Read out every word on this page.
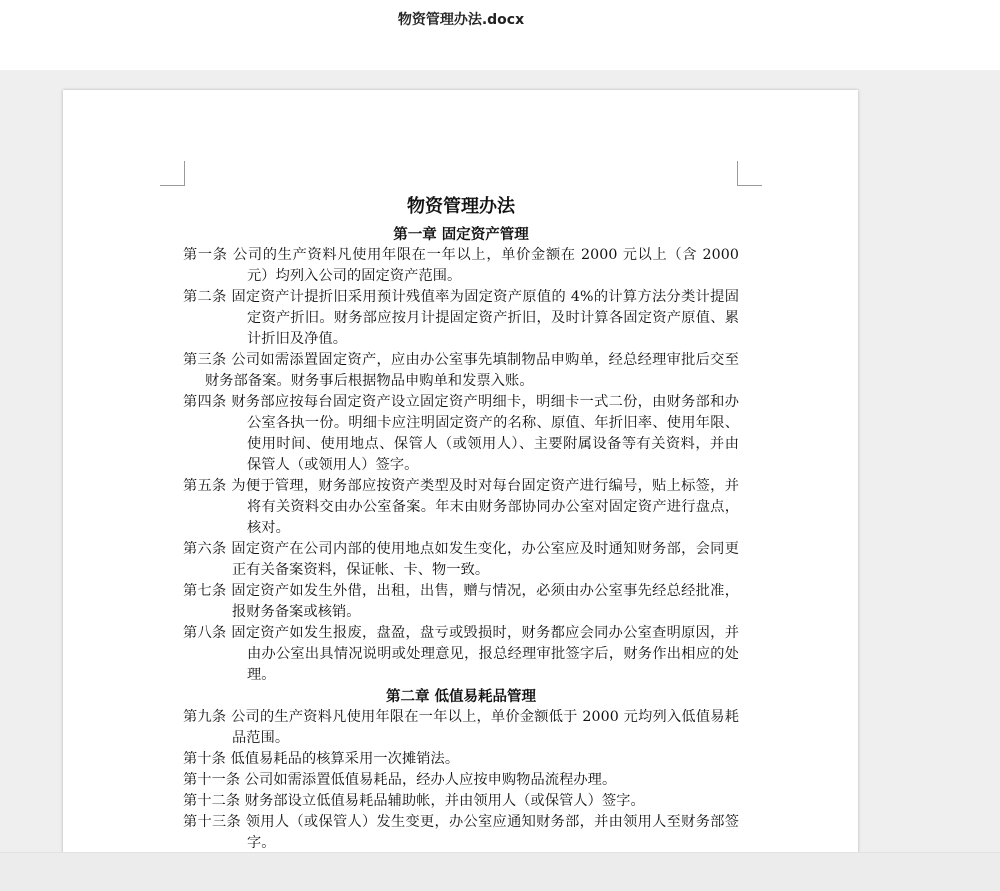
物资管理办法.docx
物资管理办法
第一章 固定资产管理
第一条 公司的生产资料凡使用年限在一年以上，单价金额在 2000 元以上（含 2000 元）均列入公司的固定资产范围。
第二条 固定资产计提折旧采用预计残值率为固定资产原值的 4%的计算方法分类计提固定资产折旧。财务部应按月计提固定资产折旧，及时计算各固定资产原值、累计折旧及净值。
第三条 公司如需添置固定资产，应由办公室事先填制物品申购单，经总经理审批后交至财务部备案。财务事后根据物品申购单和发票入账。
第四条 财务部应按每台固定资产设立固定资产明细卡，明细卡一式二份，由财务部和办公室各执一份。明细卡应注明固定资产的名称、原值、年折旧率、使用年限、使用时间、使用地点、保管人（或领用人）、主要附属设备等有关资料，并由保管人（或领用人）签字。
第五条 为便于管理，财务部应按资产类型及时对每台固定资产进行编号，贴上标签，并将有关资料交由办公室备案。年末由财务部协同办公室对固定资产进行盘点，核对。
第六条 固定资产在公司内部的使用地点如发生变化，办公室应及时通知财务部，会同更正有关备案资料，保证帐、卡、物一致。
第七条 固定资产如发生外借，出租，出售，赠与情况，必须由办公室事先经总经批准，报财务备案或核销。
第八条 固定资产如发生报废，盘盈，盘亏或毁损时，财务都应会同办公室查明原因，并由办公室出具情况说明或处理意见，报总经理审批签字后，财务作出相应的处理。
第二章 低值易耗品管理
第九条 公司的生产资料凡使用年限在一年以上，单价金额低于 2000 元均列入低值易耗品范围。
第十条 低值易耗品的核算采用一次摊销法。
第十一条 公司如需添置低值易耗品，经办人应按申购物品流程办理。
第十二条 财务部设立低值易耗品辅助帐，并由领用人（或保管人）签字。
第十三条 领用人（或保管人）发生变更，办公室应通知财务部，并由领用人至财务部签字。
